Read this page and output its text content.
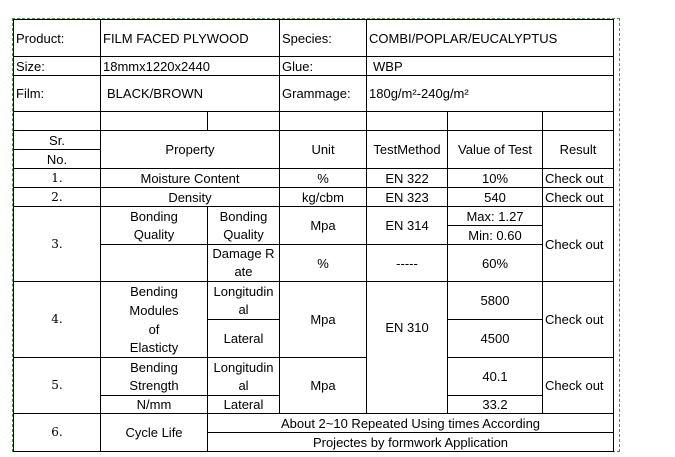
Product:	FILM FACED PLYWOOD		Species:	COMBI/POPLAR/EUCALYPTUS		
Size:	18mmx1220x2440		Glue:	WBP		
Film:	BLACK/BROWN		Grammage:	180g/m²-240g/m²		

Sr.	Property		Unit	TestMethod	Value of Test	Result
No.						
1.	Moisture Content		%	EN 322	10%	Check out
2.	Density		kg/cbm	EN 323	540	Check out
3.	Bonding	Bonding	Mpa	EN 314	Max: 1.27	Check out
	Quality	Quality			Min: 0.60	
		Damage Rate	%	-----	60%	

4.	Bending	Longitudinal	Mpa	EN 310	5800	Check out
	Modules					
	of	Lateral			4500	
	Elasticty					
5.	Bending	Longitudinal	Mpa		40.1	Check out
	Strength					
	N/mm	Lateral			33.2	
6.	Cycle Life	About 2~10 Repeated Using times According				
		Projectes by formwork Application				
